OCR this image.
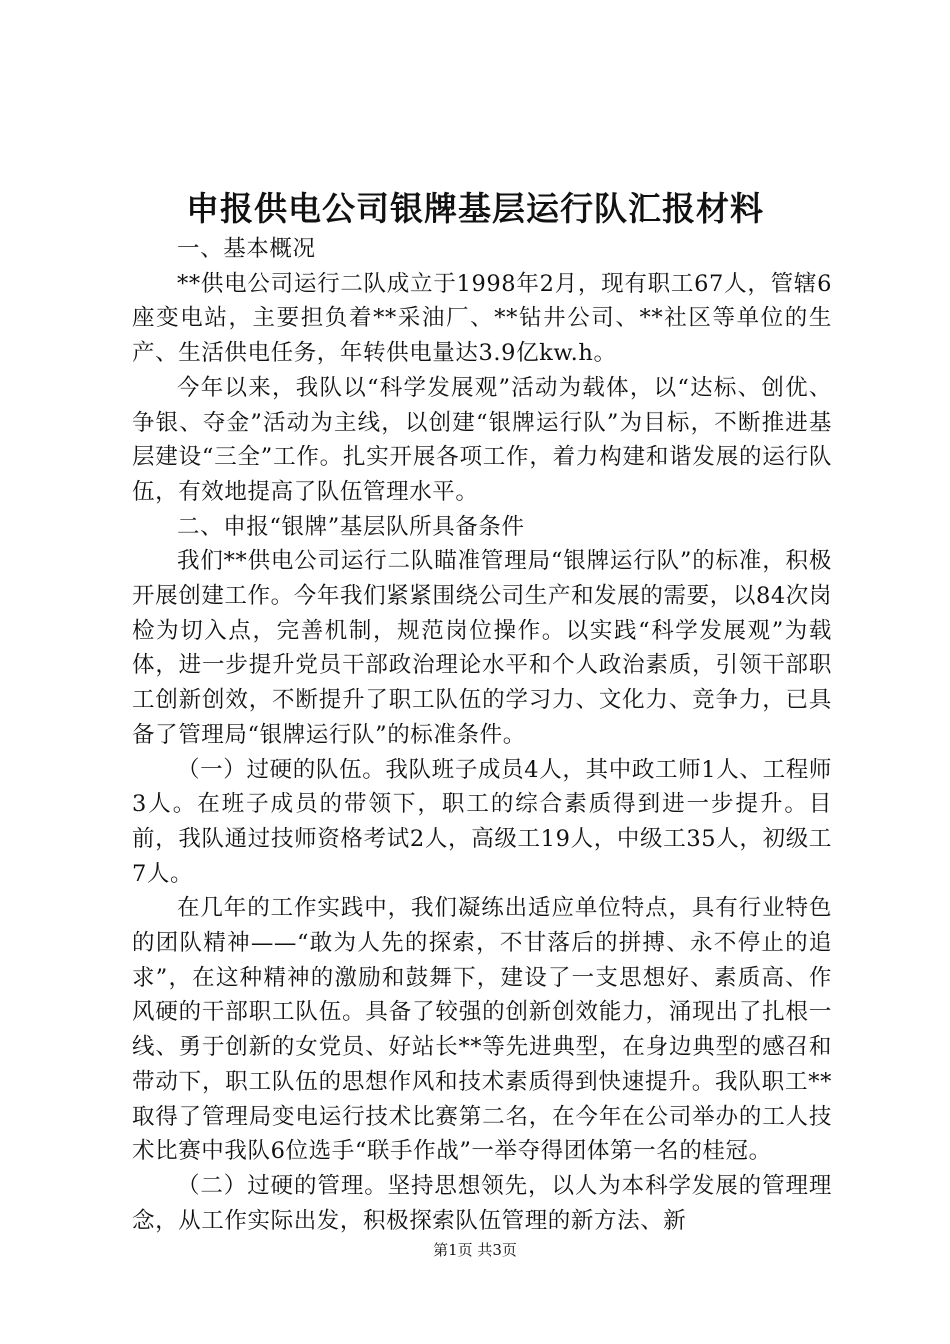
申报供电公司银牌基层运行队汇报材料

一、基本概况

**供电公司运行二队成立于1998年2月，现有职工67人，管辖6座变电站，主要担负着**采油厂、**钻井公司、**社区等单位的生产、生活供电任务，年转供电量达3.9亿kw.h。

今年以来，我队以“科学发展观”活动为载体，以“达标、创优、争银、夺金”活动为主线，以创建“银牌运行队”为目标，不断推进基层建设“三全”工作。扎实开展各项工作，着力构建和谐发展的运行队伍，有效地提高了队伍管理水平。

二、申报“银牌”基层队所具备条件

我们**供电公司运行二队瞄准管理局“银牌运行队”的标准，积极开展创建工作。今年我们紧紧围绕公司生产和发展的需要，以84次岗检为切入点，完善机制，规范岗位操作。以实践“科学发展观”为载体，进一步提升党员干部政治理论水平和个人政治素质，引领干部职工创新创效，不断提升了职工队伍的学习力、文化力、竞争力，已具备了管理局“银牌运行队”的标准条件。

（一）过硬的队伍。我队班子成员4人，其中政工师1人、工程师3人。在班子成员的带领下，职工的综合素质得到进一步提升。目前，我队通过技师资格考试2人，高级工19人，中级工35人，初级工7人。

在几年的工作实践中，我们凝练出适应单位特点，具有行业特色的团队精神——“敢为人先的探索，不甘落后的拼搏、永不停止的追求”，在这种精神的激励和鼓舞下，建设了一支思想好、素质高、作风硬的干部职工队伍。具备了较强的创新创效能力，涌现出了扎根一线、勇于创新的女党员、好站长**等先进典型，在身边典型的感召和带动下，职工队伍的思想作风和技术素质得到快速提升。我队职工**取得了管理局变电运行技术比赛第二名，在今年在公司举办的工人技术比赛中我队6位选手“联手作战”一举夺得团体第一名的桂冠。

（二）过硬的管理。坚持思想领先，以人为本科学发展的管理理念，从工作实际出发，积极探索队伍管理的新方法、新

第1页 共3页
